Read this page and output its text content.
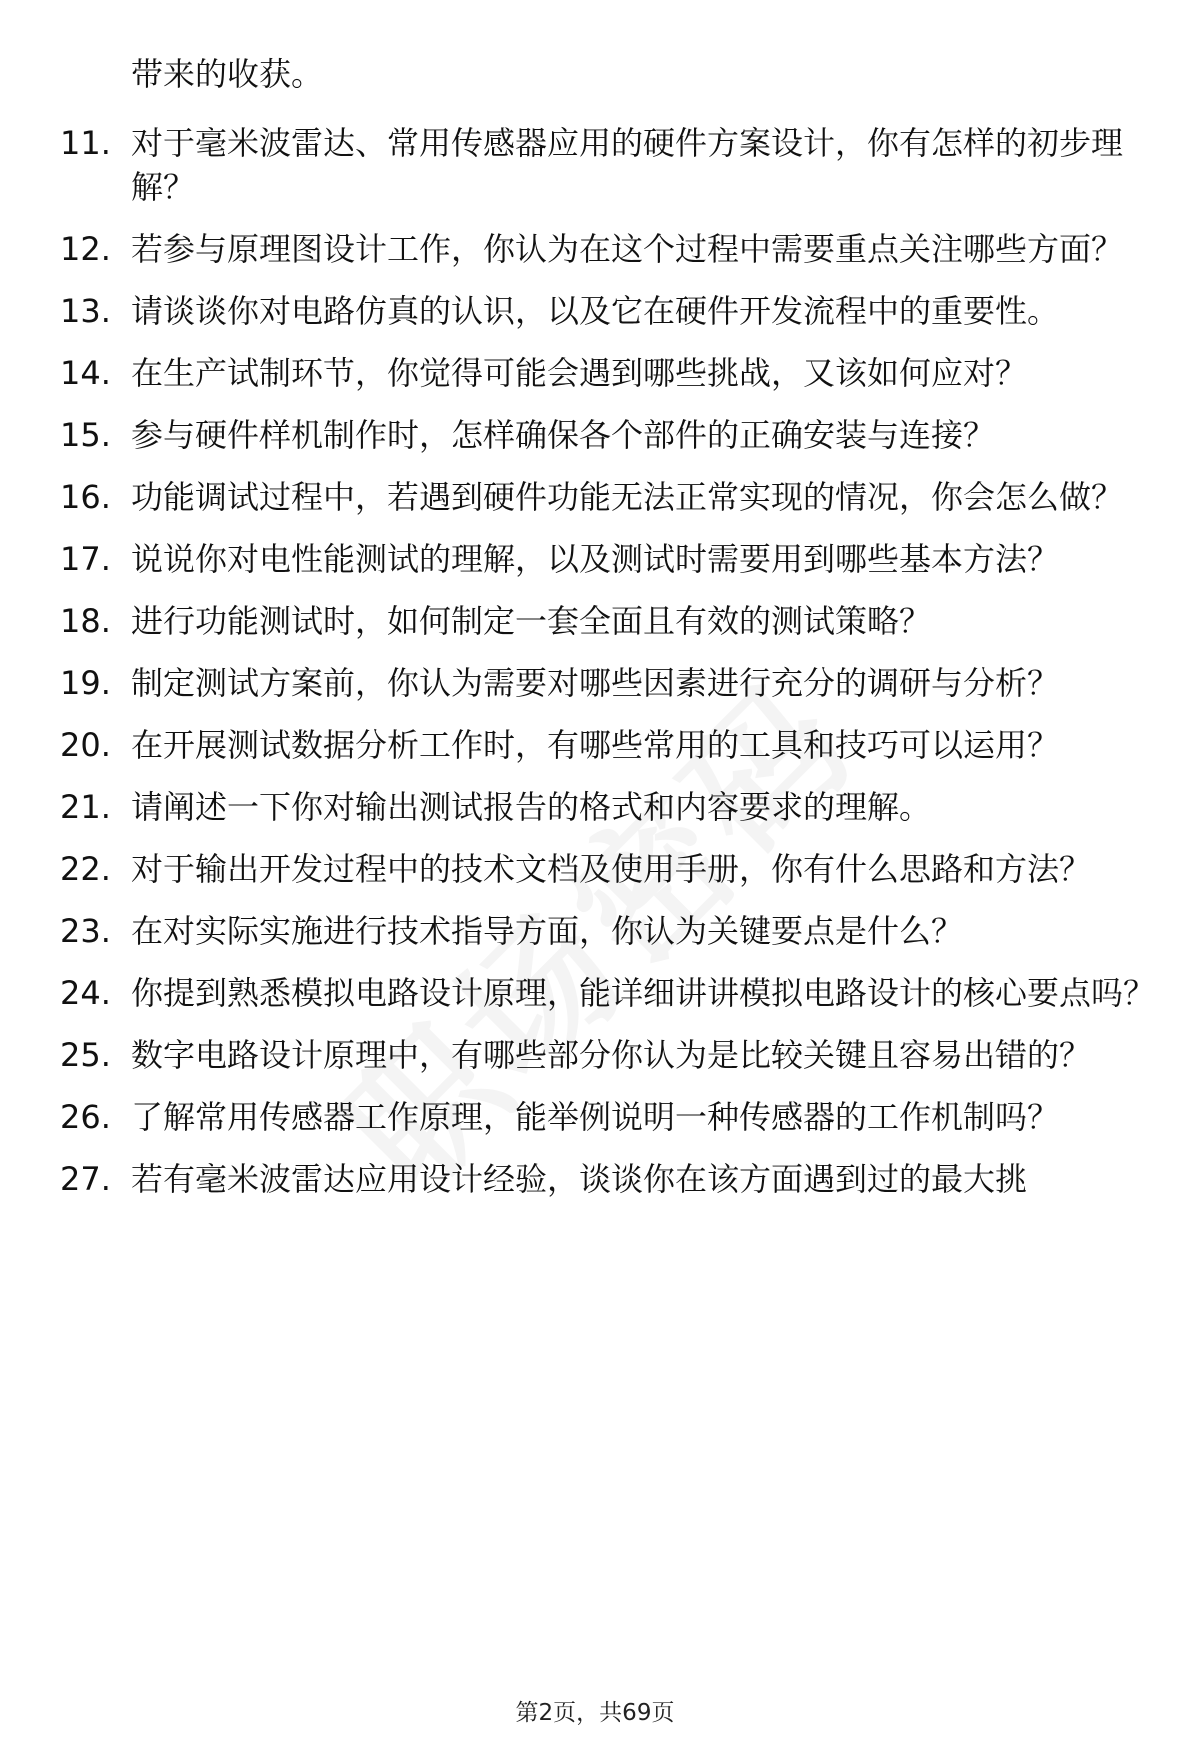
带来的收获。
11. 对于毫米波雷达、常用传感器应用的硬件方案设计，你有怎样的初步理解？
12. 若参与原理图设计工作，你认为在这个过程中需要重点关注哪些方面？
13. 请谈谈你对电路仿真的认识，以及它在硬件开发流程中的重要性。
14. 在生产试制环节，你觉得可能会遇到哪些挑战，又该如何应对？
15. 参与硬件样机制作时，怎样确保各个部件的正确安装与连接？
16. 功能调试过程中，若遇到硬件功能无法正常实现的情况，你会怎么做？
17. 说说你对电性能测试的理解，以及测试时需要用到哪些基本方法？
18. 进行功能测试时，如何制定一套全面且有效的测试策略？
19. 制定测试方案前，你认为需要对哪些因素进行充分的调研与分析？
20. 在开展测试数据分析工作时，有哪些常用的工具和技巧可以运用？
21. 请阐述一下你对输出测试报告的格式和内容要求的理解。
22. 对于输出开发过程中的技术文档及使用手册，你有什么思路和方法？
23. 在对实际实施进行技术指导方面，你认为关键要点是什么？
24. 你提到熟悉模拟电路设计原理，能详细讲讲模拟电路设计的核心要点吗？
25. 数字电路设计原理中，有哪些部分你认为是比较关键且容易出错的？
26. 了解常用传感器工作原理，能举例说明一种传感器的工作机制吗？
27. 若有毫米波雷达应用设计经验，谈谈你在该方面遇到过的最大挑
第2页，共69页
